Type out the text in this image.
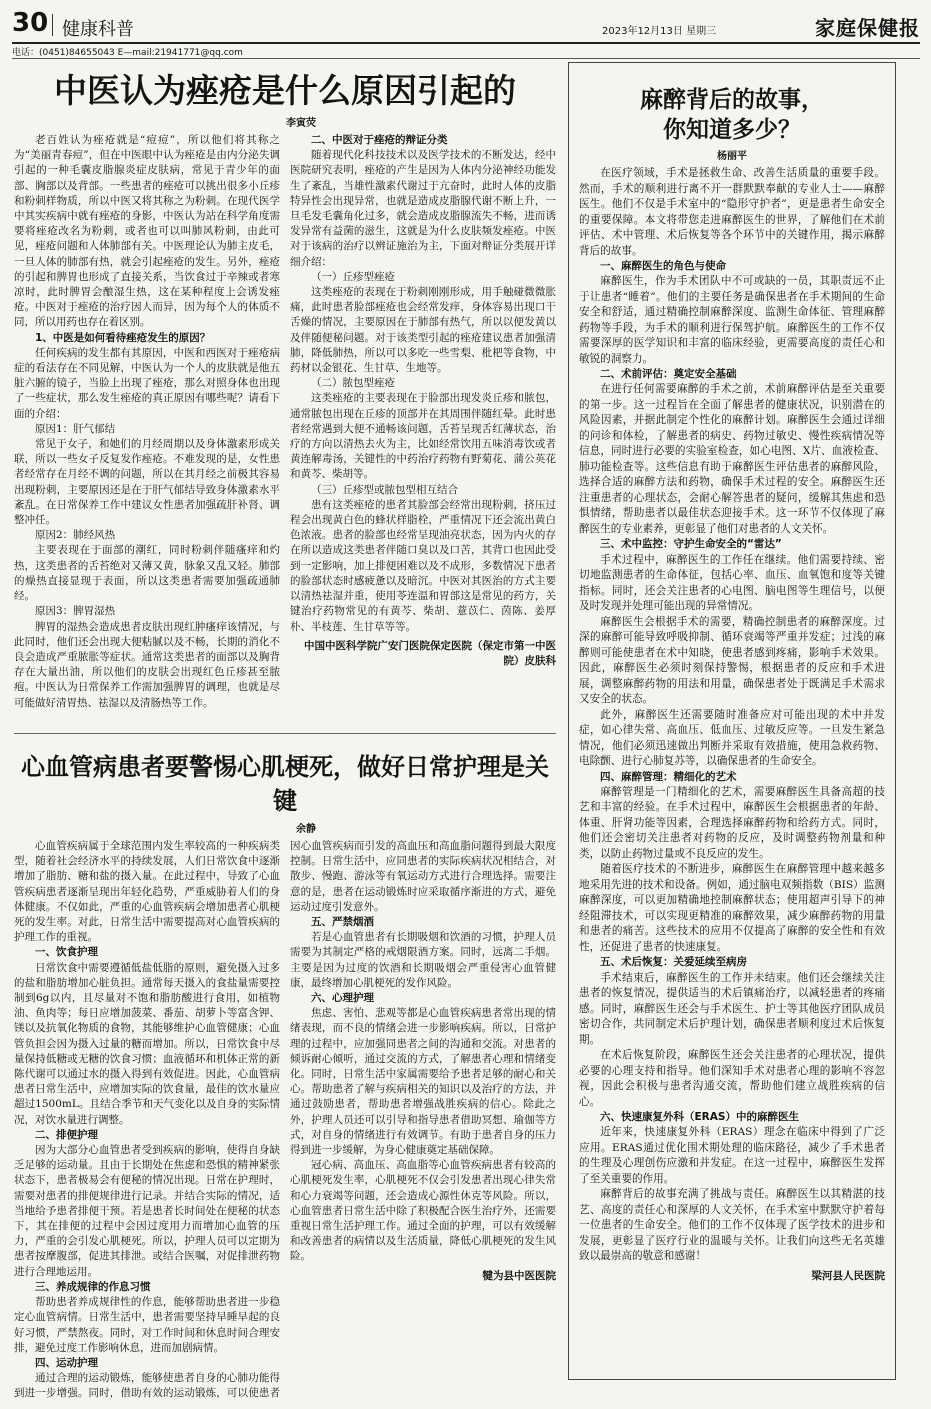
30 健康科普	2023年12月13日 星期三	家庭保健报
电话：(0451)84655043 E—mail:21941771@qq.com
中医认为痤疮是什么原因引起的
李寅荧

老百姓认为痤疮就是“痘痘”，所以他们将其称之为“美丽青春痘”，但在中医眼中认为痤疮是由内分泌失调引起的一种毛囊皮脂腺炎症皮肤病，常见于青少年的面部、胸部以及背部。一些患者的痤疮可以挑出很多小丘疹和粉刺样物质，所以中医又将其称之为粉刺。在现代医学中其实疾病中就有痤疮的身影，中医认为站在科学角度需要将痤疮改名为粉刺，或者也可以叫肺风粉刺，由此可见，痤疮问题和人体肺部有关。中医理论认为肺主皮毛，一旦人体的肺部有热，就会引起痤疮的发生。另外，痤疮的引起和脾胃也形成了直接关系，当饮食过于辛辣或者寒凉时，此时脾胃会酿湿生热，这在某种程度上会诱发痤疮。中医对于痤疮的治疗因人而异，因为每个人的体质不同，所以用药也存在着区别。

1、中医是如何看待痤疮发生的原因？

任何疾病的发生都有其原因，中医和西医对于痤疮病症的看法存在不同见解，中医认为一个人的皮肤就是他五脏六腑的镜子，当脸上出现了痤疮，那么对照身体也出现了一些症状，那么发生痤疮的真正原因有哪些呢？请看下面的介绍：

原因1：肝气郁结

常见于女子，和她们的月经周期以及身体激素形成关联，所以一些女子反复发作痤疮。不难发现的是，女性患者经常存在月经不调的问题，所以在其月经之前极其容易出现粉刺，主要原因还是在于肝气郁结导致身体激素水平紊乱。在日常保养工作中建议女性患者加强疏肝补肾、调整冲任。

原因2：肺经风热

主要表现在于面部的潮红，同时粉刺伴随瘙痒和灼热，这类患者的舌苔绝对又薄又黄，脉象又乱又轻。肺部的燥热直接显现于表面，所以这类患者需要加强疏通肺经。

原因3：脾胃湿热

脾胃的湿热会造成患者皮肤出现红肿瘙痒该情况，与此同时，他们还会出现大便粘腻以及不畅，长期的消化不良会造成严重脓胀等症状。通常这类患者的面部以及胸背存在大量出油，所以他们的皮肤会出现红色丘疹甚至脓疱。中医认为日常保养工作需加强脾胃的调理，也就是尽可能做好清胃热、祛湿以及清肠热等工作。

二、中医对于痤疮的辩证分类

随着现代化科技技术以及医学技术的不断发达，经中医院研究表明，痤疮的产生是因为人体内分泌神经功能发生了紊乱，当雄性激素代谢过于亢奋时，此时人体的皮脂特异性会出现异常，也就是造成皮脂腺代谢不断上升，一旦毛发毛囊角化过多，就会造成皮脂腺流失不畅，进而诱发异常有益菌的滋生，这就是为什么皮肤频发痤疮。中医对于该病的治疗以辨证施治为主，下面对辩证分类展开详细介绍：

（一）丘疹型痤疮

这类痤疮的表现在于粉刺刚刚形成，用手触碰微微胀痛，此时患者脸部痤疮也会经常发痒，身体容易出现口干舌燥的情况，主要原因在于肺部有热气，所以以便发黄以及伴随便秘问题。对于该类型引起的痤疮建议患者加强清肺，降低肺热，所以可以多吃一些雪梨、枇杷等食物，中药材以金银花、生甘草、生地等。

（二）脓包型痤疮

这类痤疮的主要表现在于脸部出现发炎丘疹和脓包，通常脓包出现在丘疹的顶部并在其周围伴随红晕。此时患者经常遇到大便不通畅该问题，舌苔呈现舌红薄状态，治疗的方向以清热去火为主，比如经常饮用五味消毒饮或者黄连解毒汤，关键性的中药治疗药物有野菊花、蒲公英花和黄芩、柴胡等。

（三）丘疹型或脓包型相互结合

患有这类痤疮的患者其脸部会经常出现粉刺，挤压过程会出现黄白色的蜂状样脂栓，严重情况下还会流出黄白色浓液。患者的脸部也经常呈现油亮状态，因为内火的存在所以造成这类患者伴随口臭以及口苦，其背口也因此受到一定影响，加上排便困难以及不成形，多数情况下患者的脸部状态时感疲惫以及暗沉。中医对其医治的方式主要以清热祛湿并重，使用苓连温和胃部这是常见的药方，关键治疗药物常见的有黄芩、柴胡、薏苡仁、茵陈、姜厚朴、半枝莲、生甘草等等。

中国中医科学院广安门医院保定医院（保定市第一中医院）皮肤科

心血管病患者要警惕心肌梗死，做好日常护理是关键
余静

心血管疾病属于全球范围内发生率较高的一种疾病类型，随着社会经济水平的持续发展，人们日常饮食中逐渐增加了脂肪、糖和盐的摄入量。在此过程中，导致了心血管疾病患者逐渐呈现出年轻化趋势，严重威胁着人们的身体健康。不仅如此，严重的心血管疾病会增加患者心肌梗死的发生率。对此，日常生活中需要提高对心血管疾病的护理工作的重视。

一、饮食护理

日常饮食中需要遵循低盐低脂的原则，避免摄入过多的盐和脂肪增加心脏负担。通常每天摄入的食盐量需要控制到6g以内，且尽量对不饱和脂肪酸进行食用，如植物油、鱼肉等；每日应增加菠菜、番茄、胡萝卜等富含钾、镁以及抗氧化物质的食物，其能够维护心血管健康；心血管负担会因为摄入过量的糖而增加。所以，日常饮食中尽量保持低糖或无糖的饮食习惯；血液循环和机体正常的新陈代谢可以通过水的摄入得到有效促进。因此，心血管病患者日常生活中，应增加实际的饮食量，最佳的饮水量应超过1500mL。且结合季节和天气变化以及自身的实际情况，对饮水量进行调整。

二、排便护理

因为大部分心血管患者受到疾病的影响，使得自身缺乏足够的运动量。且由于长期处在焦虑和恐惧的精神紧张状态下，患者极易会有便秘的情况出现。日常在护理时，需要对患者的排便规律进行记录。并结合实际的情况，适当地给予患者排便干预。若是患者长时间处在便秘的状态下，其在排便的过程中会因过度用力而增加心血管的压力，严重的会引发心肌梗死。所以，护理人员可以定期为患者按摩腹部，促进其排泄。或结合医嘱，对促排泄药物进行合理地运用。

三、养成规律的作息习惯

帮助患者养成规律性的作息，能够帮助患者进一步稳定心血管病情。日常生活中，患者需要坚持早睡早起的良好习惯，严禁熬夜。同时，对工作时间和休息时间合理安排，避免过度工作影响休息，进而加剧病情。

四、运动护理

通过合理的运动锻炼，能够使患者自身的心肺功能得到进一步增强。同时，借助有效的运动锻炼，可以使患者因心血管疾病而引发的高血压和高血脂问题得到最大限度控制。日常生活中，应同患者的实际疾病状况相结合，对散步、慢跑、游泳等有氧运动方式进行合理选择。需要注意的是，患者在运动锻炼时应采取循序渐进的方式，避免运动过度引发意外。

五、严禁烟酒

若是心血管患者有长期吸烟和饮酒的习惯，护理人员需要为其制定严格的戒烟限酒方案。同时，远离二手烟。主要是因为过度的饮酒和长期吸烟会严重侵害心血管健康，最终增加心肌梗死的发作风险。

六、心理护理

焦虑、害怕、悲观等都是心血管疾病患者常出现的情绪表现，而不良的情绪会进一步影响疾病。所以，日常护理的过程中，应加强同患者之间的沟通和交流。对患者的倾诉耐心倾听，通过交流的方式，了解患者心理和情绪变化。同时，日常生活中家属需要给予患者足够的耐心和关心。帮助患者了解与疾病相关的知识以及治疗的方法，并通过鼓励患者，帮助患者增强战胜疾病的信心。除此之外，护理人员还可以引导和指导患者借助冥想、瑜伽等方式，对自身的情绪进行有效调节。有助于患者自身的压力得到进一步缓解，为身心健康奠定基础保障。

冠心病、高血压、高血脂等心血管疾病患者有较高的心肌梗死发生率，心肌梗死不仅会引发患者出现心律失常和心力衰竭等问题，还会造成心源性休克等风险。所以，心血管患者日常生活中除了积极配合医生治疗外，还需要重视日常生活护理工作。通过全面的护理，可以有效缓解和改善患者的病情以及生活质量，降低心肌梗死的发生风险。

犍为县中医医院

麻醉背后的故事，
你知道多少？
杨丽平

在医疗领域，手术是拯救生命、改善生活质量的重要手段。然而，手术的顺利进行离不开一群默默奉献的专业人士——麻醉医生。他们不仅是手术室中的“隐形守护者”，更是患者生命安全的重要保障。本文将带您走进麻醉医生的世界，了解他们在术前评估、术中管理、术后恢复等各个环节中的关键作用，揭示麻醉背后的故事。

一、麻醉医生的角色与使命

麻醉医生，作为手术团队中不可或缺的一员，其职责远不止于让患者“睡着”。他们的主要任务是确保患者在手术期间的生命安全和舒适，通过精确控制麻醉深度、监测生命体征、管理麻醉药物等手段，为手术的顺利进行保驾护航。麻醉医生的工作不仅需要深厚的医学知识和丰富的临床经验，更需要高度的责任心和敏锐的洞察力。

二、术前评估：奠定安全基础

在进行任何需要麻醉的手术之前，术前麻醉评估是至关重要的第一步。这一过程旨在全面了解患者的健康状况，识别潜在的风险因素，并据此制定个性化的麻醉计划。麻醉医生会通过详细的问诊和体检，了解患者的病史、药物过敏史、慢性疾病情况等信息，同时进行必要的实验室检查，如心电图、X片、血液检查、肺功能检查等。这些信息有助于麻醉医生评估患者的麻醉风险，选择合适的麻醉方法和药物，确保手术过程的安全。麻醉医生还注重患者的心理状态，会耐心解答患者的疑问，缓解其焦虑和恐惧情绪，帮助患者以最佳状态迎接手术。这一环节不仅体现了麻醉医生的专业素养，更彰显了他们对患者的人文关怀。

三、术中监控：守护生命安全的“雷达”

手术过程中，麻醉医生的工作任在继续。他们需要持续、密切地监测患者的生命体征，包括心率、血压、血氧饱和度等关键指标。同时，还会关注患者的心电图、脑电图等生理信号，以便及时发现并处理可能出现的异常情况。

麻醉医生会根据手术的需要，精确控制患者的麻醉深度。过深的麻醉可能导致呼吸抑制、循环衰竭等严重并发症；过浅的麻醉则可能使患者在术中知晓，使患者感到疼痛，影响手术效果。因此，麻醉医生必须时刻保持警惕，根据患者的反应和手术进展，调整麻醉药物的用法和用量，确保患者处于既满足手术需求又安全的状态。

此外，麻醉医生还需要随时准备应对可能出现的术中并发症，如心律失常、高血压、低血压、过敏反应等。一旦发生紧急情况，他们必须迅速做出判断并采取有效措施，使用急救药物、电除颤、进行心肺复苏等，以确保患者的生命安全。

四、麻醉管理：精细化的艺术

麻醉管理是一门精细化的艺术，需要麻醉医生具备高超的技艺和丰富的经验。在手术过程中，麻醉医生会根据患者的年龄、体重、肝肾功能等因素，合理选择麻醉药物和给药方式。同时，他们还会密切关注患者对药物的反应，及时调整药物剂量和种类，以防止药物过量或不良反应的发生。

随着医疗技术的不断进步，麻醉医生在麻醉管理中越来越多地采用先进的技术和设备。例如，通过脑电双频指数（BIS）监测麻醉深度，可以更加精确地控制麻醉状态；使用超声引导下的神经阻滞技术，可以实现更精准的麻醉效果，减少麻醉药物的用量和患者的痛苦。这些技术的应用不仅提高了麻醉的安全性和有效性，还促进了患者的快速康复。

五、术后恢复：关爱延续至病房

手术结束后，麻醉医生的工作并未结束。他们还会继续关注患者的恢复情况，提供适当的术后镇痛治疗，以减轻患者的疼痛感。同时，麻醉医生还会与手术医生、护士等其他医疗团队成员密切合作，共同制定术后护理计划，确保患者顺利度过术后恢复期。

在术后恢复阶段，麻醉医生还会关注患者的心理状况，提供必要的心理支持和指导。他们深知手术对患者心理的影响不容忽视，因此会积极与患者沟通交流，帮助他们建立战胜疾病的信心。

六、快速康复外科（ERAS）中的麻醉医生

近年来，快速康复外科（ERAS）理念在临床中得到了广泛应用。ERAS通过优化围术期处理的临床路径，减少了手术患者的生理及心理创伤应激和并发症。在这一过程中，麻醉医生发挥了至关重要的作用。

麻醉背后的故事充满了挑战与责任。麻醉医生以其精湛的技艺、高度的责任心和深厚的人文关怀，在手术室中默默守护着每一位患者的生命安全。他们的工作不仅体现了医学技术的进步和发展，更彰显了医疗行业的温暖与关怀。让我们向这些无名英雄致以最崇高的敬意和感谢！

梁河县人民医院
